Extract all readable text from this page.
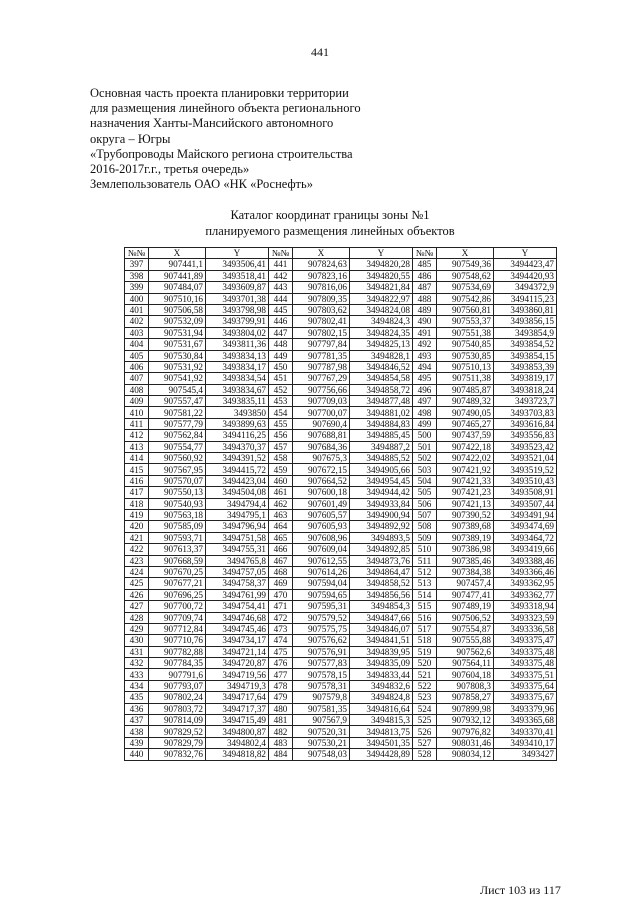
441
Основная часть проекта планировки территории
для размещения линейного объекта регионального
назначения Ханты-Мансийского автономного
округа – Югры
«Трубопроводы Майского региона строительства
2016-2017г.г., третья очередь»
Землепользователь ОАО «НК «Роснефть»
Каталог координат границы зоны №1
планируемого размещения линейных объектов
№№	X	Y	№№	X	Y	№№	X	Y
397	907441,1	3493506,41	441	907824,63	3494820,28	485	907549,36	3494423,47
398	907441,89	3493518,41	442	907823,16	3494820,55	486	907548,62	3494420,93
399	907484,07	3493609,87	443	907816,06	3494821,84	487	907534,69	3494372,9
400	907510,16	3493701,38	444	907809,35	3494822,97	488	907542,86	3494115,23
401	907506,58	3493798,98	445	907803,62	3494824,08	489	907560,81	3493860,81
402	907532,09	3493799,91	446	907802,41	3494824,3	490	907553,37	3493856,15
403	907531,94	3493804,02	447	907802,15	3494824,35	491	907551,38	3493854,9
404	907531,67	3493811,36	448	907797,84	3494825,13	492	907540,85	3493854,52
405	907530,84	3493834,13	449	907781,35	3494828,1	493	907530,85	3493854,15
406	907531,92	3493834,17	450	907787,98	3494846,52	494	907510,13	3493853,39
407	907541,92	3493834,54	451	907767,29	3494854,58	495	907511,38	3493819,17
408	907545,4	3493834,67	452	907756,66	3494858,72	496	907485,87	3493818,24
409	907557,47	3493835,11	453	907709,03	3494877,48	497	907489,32	3493723,7
410	907581,22	3493850	454	907700,07	3494881,02	498	907490,05	3493703,83
411	907577,79	3493899,63	455	907690,4	3494884,83	499	907465,27	3493616,84
412	907562,84	3494116,25	456	907688,81	3494885,45	500	907437,59	3493556,83
413	907554,77	3494370,37	457	907684,36	3494887,2	501	907422,18	3493523,42
414	907560,92	3494391,52	458	907675,3	3494885,52	502	907422,02	3493521,04
415	907567,95	3494415,72	459	907672,15	3494905,66	503	907421,92	3493519,52
416	907570,07	3494423,04	460	907664,52	3494954,45	504	907421,33	3493510,43
417	907550,13	3494504,08	461	907600,18	3494944,42	505	907421,23	3493508,91
418	907540,93	3494794,4	462	907601,49	3494933,84	506	907421,13	3493507,44
419	907563,18	3494795,1	463	907605,57	3494900,94	507	907390,52	3493491,94
420	907585,09	3494796,94	464	907605,93	3494892,92	508	907389,68	3493474,69
421	907593,71	3494751,58	465	907608,96	3494893,5	509	907389,19	3493464,72
422	907613,37	3494755,31	466	907609,04	3494892,85	510	907386,98	3493419,66
423	907668,59	3494765,8	467	907612,55	3494873,76	511	907385,46	3493388,46
424	907670,25	3494757,05	468	907614,26	3494864,47	512	907384,38	3493366,46
425	907677,21	3494758,37	469	907594,04	3494858,52	513	907457,4	3493362,95
426	907696,25	3494761,99	470	907594,65	3494856,56	514	907477,41	3493362,77
427	907700,72	3494754,41	471	907595,31	3494854,3	515	907489,19	3493318,94
428	907709,74	3494746,68	472	907579,52	3494847,66	516	907506,52	3493323,59
429	907712,84	3494745,46	473	907575,75	3494846,07	517	907554,87	3493336,58
430	907710,76	3494734,17	474	907576,62	3494841,51	518	907555,88	3493375,47
431	907782,88	3494721,14	475	907576,91	3494839,95	519	907562,6	3493375,48
432	907784,35	3494720,87	476	907577,83	3494835,09	520	907564,11	3493375,48
433	907791,6	3494719,56	477	907578,15	3494833,44	521	907604,18	3493375,51
434	907793,07	3494719,3	478	907578,31	3494832,6	522	907808,3	3493375,64
435	907802,24	3494717,64	479	907579,8	3494824,8	523	907858,27	3493375,67
436	907803,72	3494717,37	480	907581,35	3494816,64	524	907899,98	3493379,96
437	907814,09	3494715,49	481	907567,9	3494815,3	525	907932,12	3493365,68
438	907829,52	3494800,87	482	907520,31	3494813,75	526	907976,82	3493370,41
439	907829,79	3494802,4	483	907530,21	3494501,35	527	908031,46	3493410,17
440	907832,76	3494818,82	484	907548,03	3494428,89	528	908034,12	3493427
Лист 103 из 117
